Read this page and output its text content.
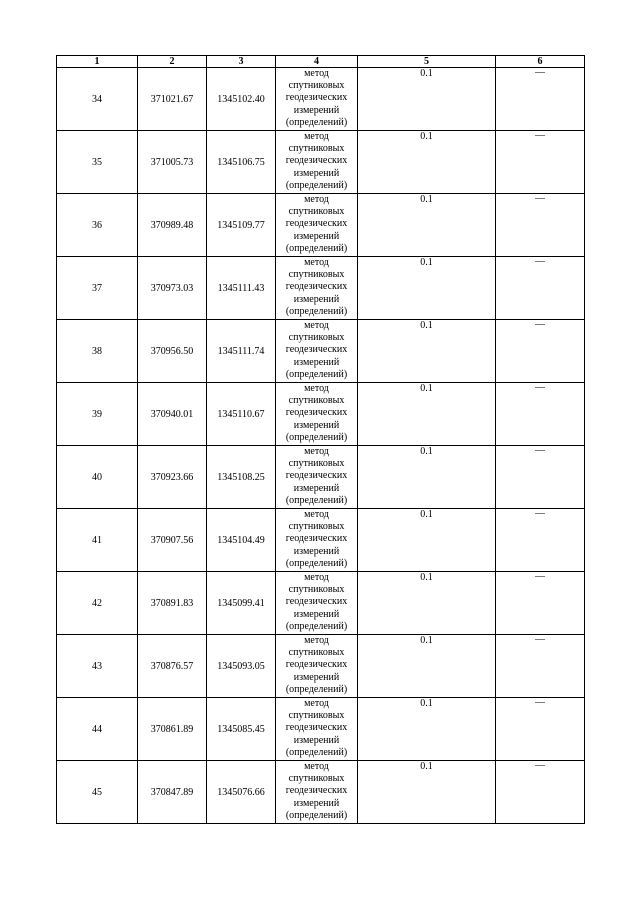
1	2	3	4	5	6
34	371021.67	1345102.40	метод
спутниковых
геодезических
измерений
(определений)	0.1	—
35	371005.73	1345106.75	метод
спутниковых
геодезических
измерений
(определений)	0.1	—
36	370989.48	1345109.77	метод
спутниковых
геодезических
измерений
(определений)	0.1	—
37	370973.03	1345111.43	метод
спутниковых
геодезических
измерений
(определений)	0.1	—
38	370956.50	1345111.74	метод
спутниковых
геодезических
измерений
(определений)	0.1	—
39	370940.01	1345110.67	метод
спутниковых
геодезических
измерений
(определений)	0.1	—
40	370923.66	1345108.25	метод
спутниковых
геодезических
измерений
(определений)	0.1	—
41	370907.56	1345104.49	метод
спутниковых
геодезических
измерений
(определений)	0.1	—
42	370891.83	1345099.41	метод
спутниковых
геодезических
измерений
(определений)	0.1	—
43	370876.57	1345093.05	метод
спутниковых
геодезических
измерений
(определений)	0.1	—
44	370861.89	1345085.45	метод
спутниковых
геодезических
измерений
(определений)	0.1	—
45	370847.89	1345076.66	метод
спутниковых
геодезических
измерений
(определений)	0.1	—
